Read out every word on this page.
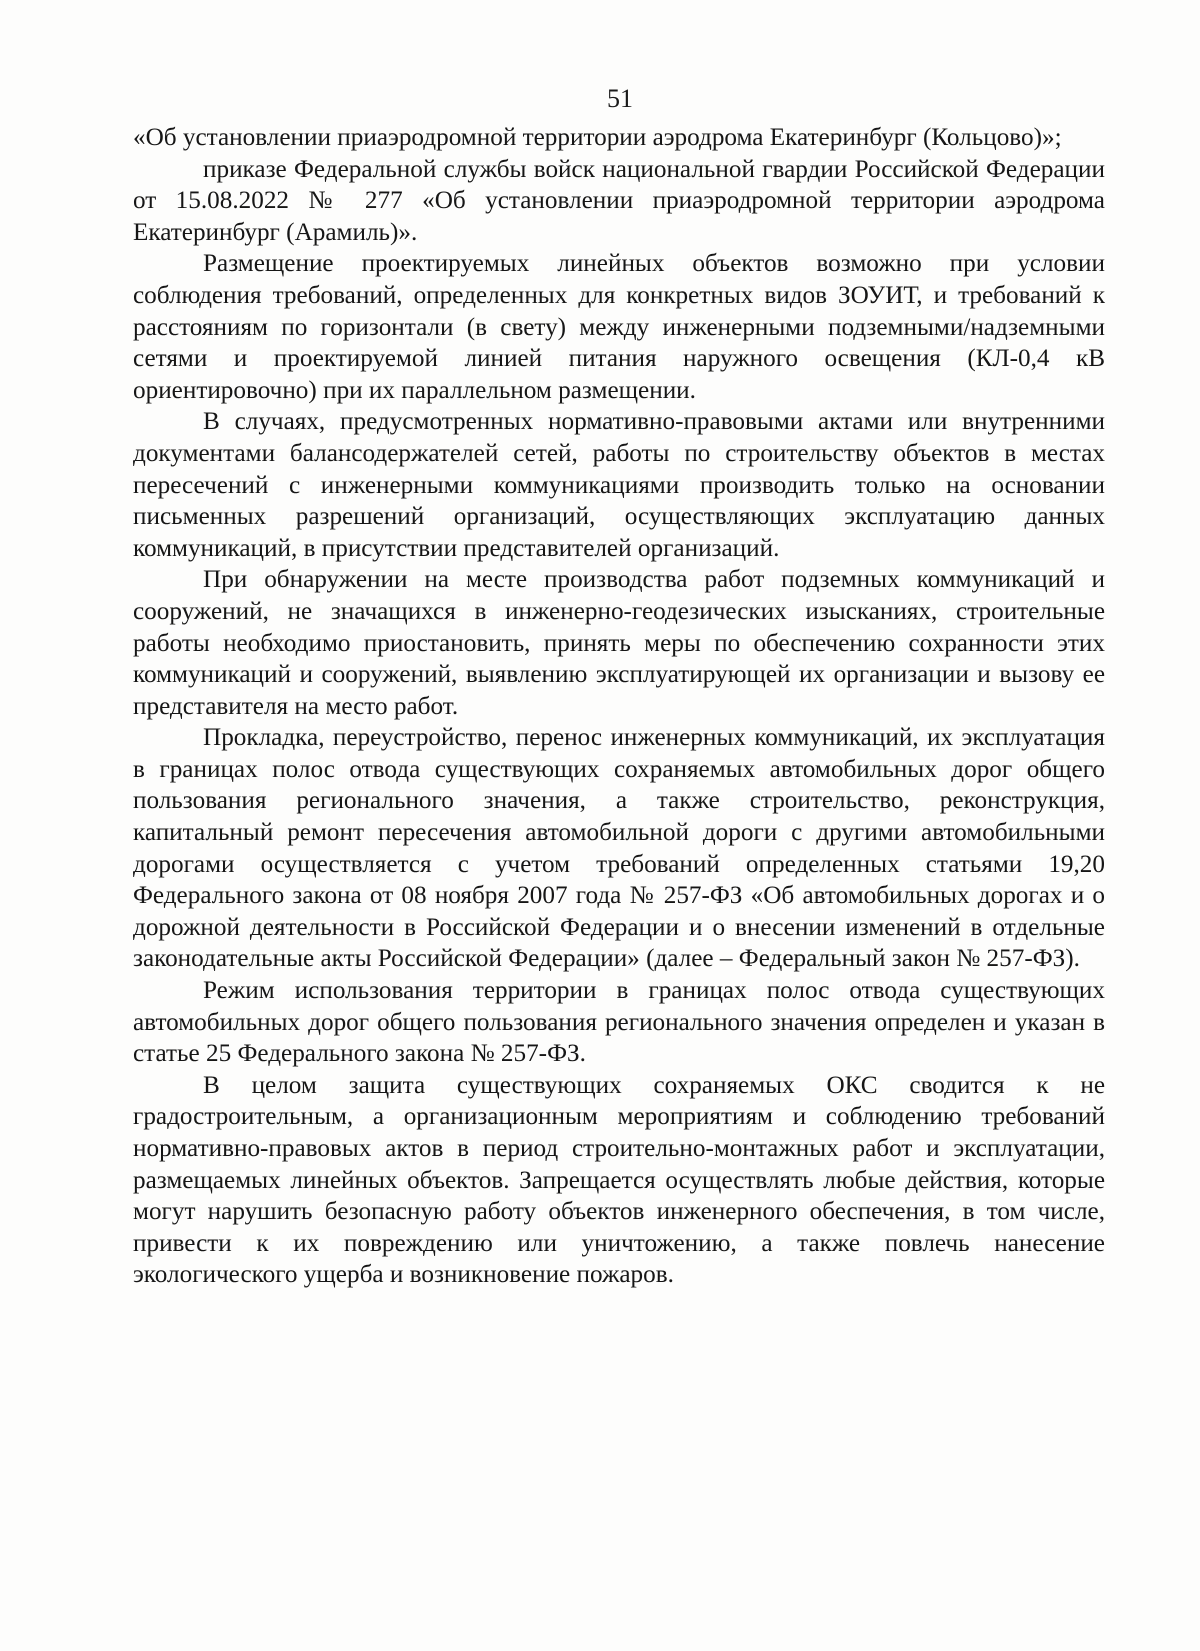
51

«Об установлении приаэродромной территории аэродрома Екатеринбург (Кольцово)»;

приказе Федеральной службы войск национальной гвардии Российской Федерации от 15.08.2022 № 277 «Об установлении приаэродромной территории аэродрома Екатеринбург (Арамиль)».

Размещение проектируемых линейных объектов возможно при условии соблюдения требований, определенных для конкретных видов ЗОУИТ, и требований к расстояниям по горизонтали (в свету) между инженерными подземными/надземными сетями и проектируемой линией питания наружного освещения (КЛ-0,4 кВ ориентировочно) при их параллельном размещении.

В случаях, предусмотренных нормативно-правовыми актами или внутренними документами балансодержателей сетей, работы по строительству объектов в местах пересечений с инженерными коммуникациями производить только на основании письменных разрешений организаций, осуществляющих эксплуатацию данных коммуникаций, в присутствии представителей организаций.

При обнаружении на месте производства работ подземных коммуникаций и сооружений, не значащихся в инженерно-геодезических изысканиях, строительные работы необходимо приостановить, принять меры по обеспечению сохранности этих коммуникаций и сооружений, выявлению эксплуатирующей их организации и вызову ее представителя на место работ.

Прокладка, переустройство, перенос инженерных коммуникаций, их эксплуатация в границах полос отвода существующих сохраняемых автомобильных дорог общего пользования регионального значения, а также строительство, реконструкция, капитальный ремонт пересечения автомобильной дороги с другими автомобильными дорогами осуществляется с учетом требований определенных статьями 19,20 Федерального закона от 08 ноября 2007 года № 257-ФЗ «Об автомобильных дорогах и о дорожной деятельности в Российской Федерации и о внесении изменений в отдельные законодательные акты Российской Федерации» (далее – Федеральный закон № 257-ФЗ).

Режим использования территории в границах полос отвода существующих автомобильных дорог общего пользования регионального значения определен и указан в статье 25 Федерального закона № 257-ФЗ.

В целом защита существующих сохраняемых ОКС сводится к не градостроительным, а организационным мероприятиям и соблюдению требований нормативно-правовых актов в период строительно-монтажных работ и эксплуатации, размещаемых линейных объектов. Запрещается осуществлять любые действия, которые могут нарушить безопасную работу объектов инженерного обеспечения, в том числе, привести к их повреждению или уничтожению, а также повлечь нанесение экологического ущерба и возникновение пожаров.
